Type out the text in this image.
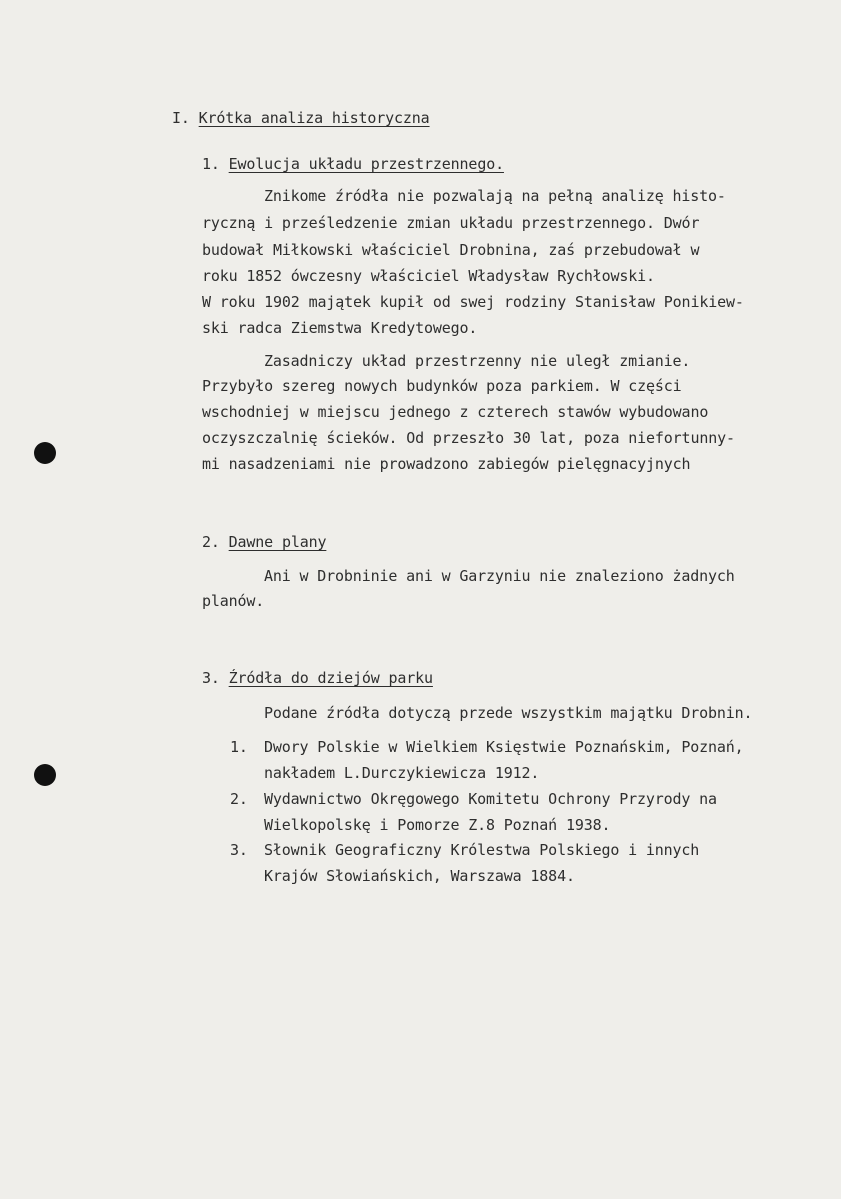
I. Krótka analiza historyczna
1. Ewolucja układu przestrzennego.
Znikome źródła nie pozwalają na pełną analizę histo-
ryczną i prześledzenie zmian układu przestrzennego. Dwór
budował Miłkowski właściciel Drobnina, zaś przebudował w
roku 1852 ówczesny właściciel Władysław Rychłowski.
W roku 1902 majątek kupił od swej rodziny Stanisław Ponikiew-
ski radca Ziemstwa Kredytowego.
Zasadniczy układ przestrzenny nie uległ zmianie.
Przybyło szereg nowych budynków poza parkiem. W części
wschodniej w miejscu jednego z czterech stawów wybudowano
oczyszczalnię ścieków. Od przeszło 30 lat, poza niefortunny-
mi nasadzeniami nie prowadzono zabiegów pielęgnacyjnych
2. Dawne plany
Ani w Drobninie ani w Garzyniu nie znaleziono żadnych
planów.
3. Źródła do dziejów parku
Podane źródła dotyczą przede wszystkim majątku Drobnin.
1. Dwory Polskie w Wielkiem Księstwie Poznańskim, Poznań,
nakładem L.Durczykiewicza 1912.
2. Wydawnictwo Okręgowego Komitetu Ochrony Przyrody na
Wielkopolskę i Pomorze Z.8 Poznań 1938.
3. Słownik Geograficzny Królestwa Polskiego i innych
Krajów Słowiańskich, Warszawa 1884.
